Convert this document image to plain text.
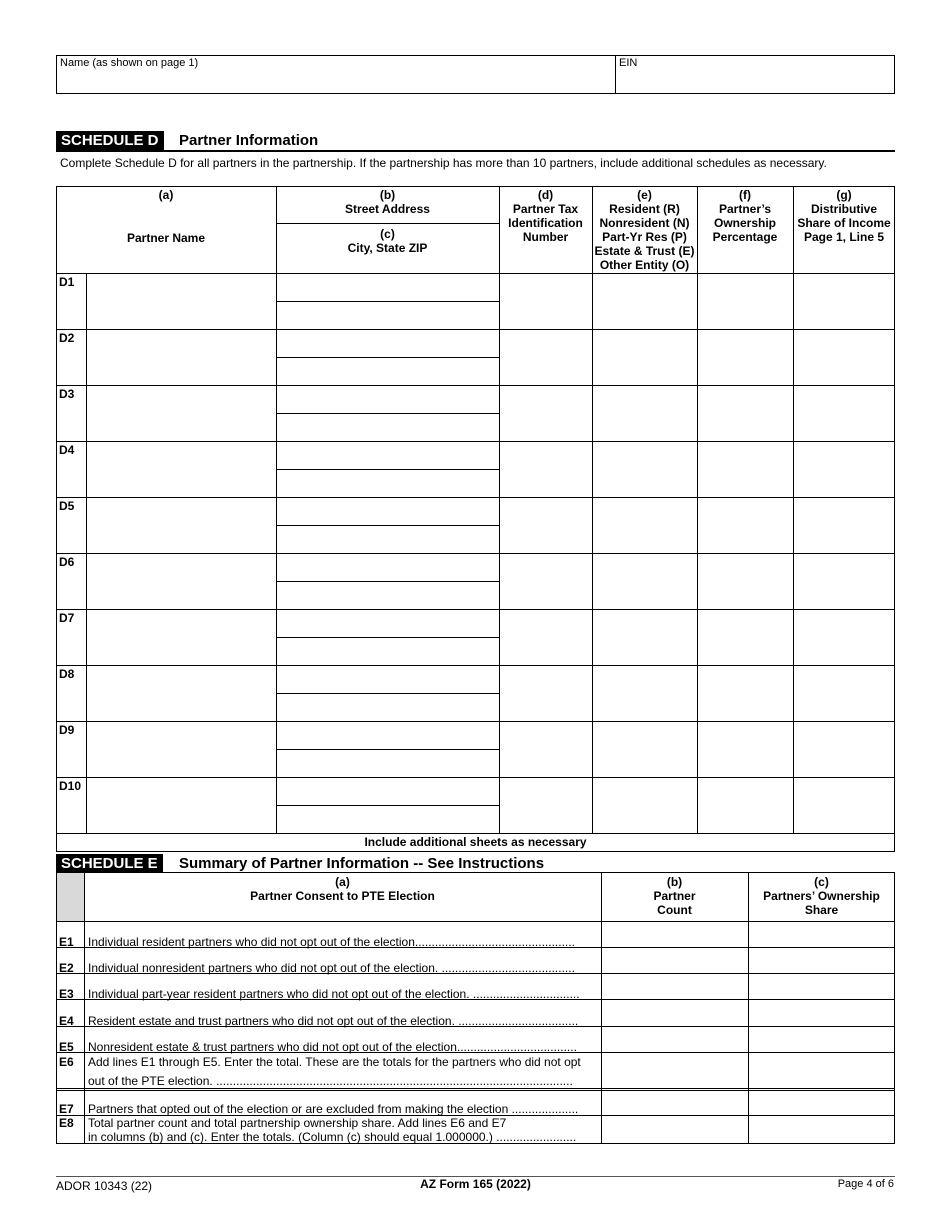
Name (as shown on page 1)	EIN
SCHEDULE D	Partner Information
Complete Schedule D for all partners in the partnership. If the partnership has more than 10 partners, include additional schedules as necessary.
(a)
Partner Name
(b)
Street Address
(c)
City, State ZIP
(d)
Partner Tax
Identification
Number
(e)
Resident (R)
Nonresident (N)
Part-Yr Res (P)
Estate & Trust (E)
Other Entity (O)
(f)
Partner’s
Ownership
Percentage
(g)
Distributive
Share of Income
Page 1, Line 5
D1
D2
D3
D4
D5
D6
D7
D8
D9
D10
Include additional sheets as necessary
SCHEDULE E	Summary of Partner Information -- See Instructions
(a)
Partner Consent to PTE Election
(b)
Partner
Count
(c)
Partners’ Ownership
Share
E1 Individual resident partners who did not opt out of the election................................................
E2 Individual nonresident partners who did not opt out of the election. ........................................
E3 Individual part-year resident partners who did not opt out of the election. ................................
E4 Resident estate and trust partners who did not opt out of the election. ....................................
E5 Nonresident estate & trust partners who did not opt out of the election....................................
E6 Add lines E1 through E5. Enter the total. These are the totals for the partners who did not opt
out of the PTE election. ...........................................................................................................
E7 Partners that opted out of the election or are excluded from making the election ....................
E8 Total partner count and total partnership ownership share. Add lines E6 and E7
in columns (b) and (c). Enter the totals. (Column (c) should equal 1.000000.) ........................
ADOR 10343 (22)	AZ Form 165 (2022)	Page 4 of 6
